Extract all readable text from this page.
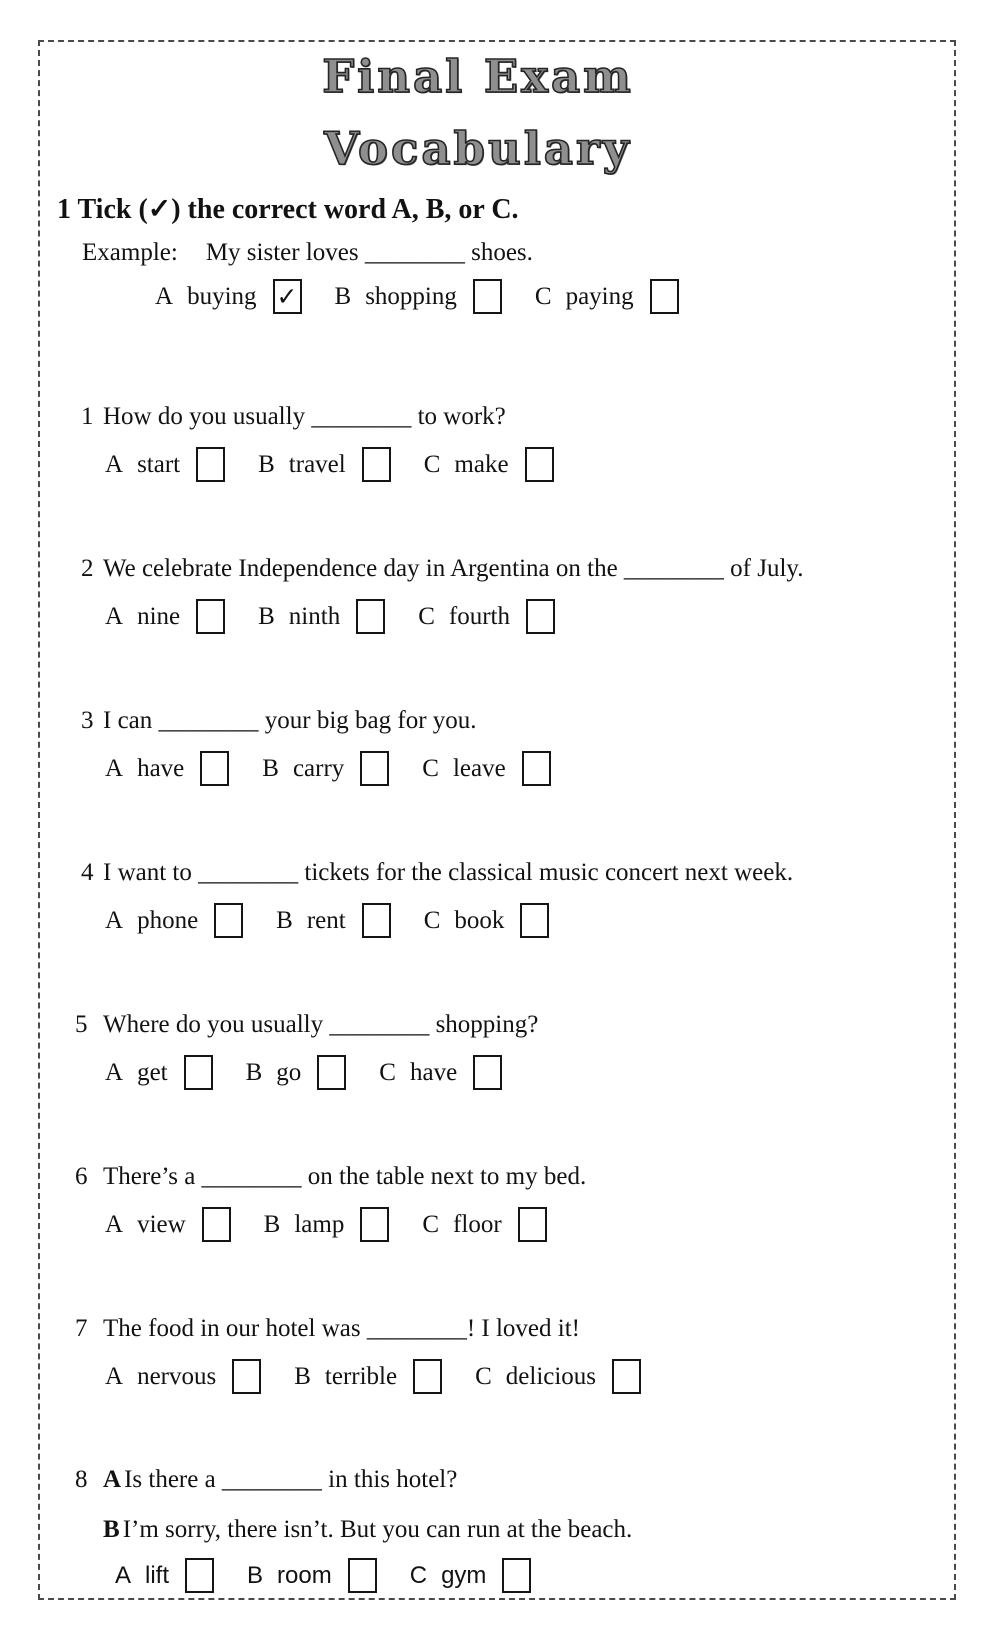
Final Exam
Vocabulary
1 Tick (✓) the correct word A, B, or C.
Example: My sister loves ________ shoes.
A buying ✓ B shopping	C paying
1 How do you usually ________ to work?
A start	B travel	C make
2 We celebrate Independence day in Argentina on the ________ of July.
A nine	B ninth	C fourth
3 I can ________ your big bag for you.
A have	B carry	C leave
4 I want to ________ tickets for the classical music concert next week.
A phone	B rent	C book
5 Where do you usually ________ shopping?
A get	B go	C have
6 There’s a ________ on the table next to my bed.
A view	B lamp	C floor
7 The food in our hotel was ________! I loved it!
A nervous	B terrible	C delicious
8 A Is there a ________ in this hotel?
B I’m sorry, there isn’t. But you can run at the beach.
A lift	B room	C gym
